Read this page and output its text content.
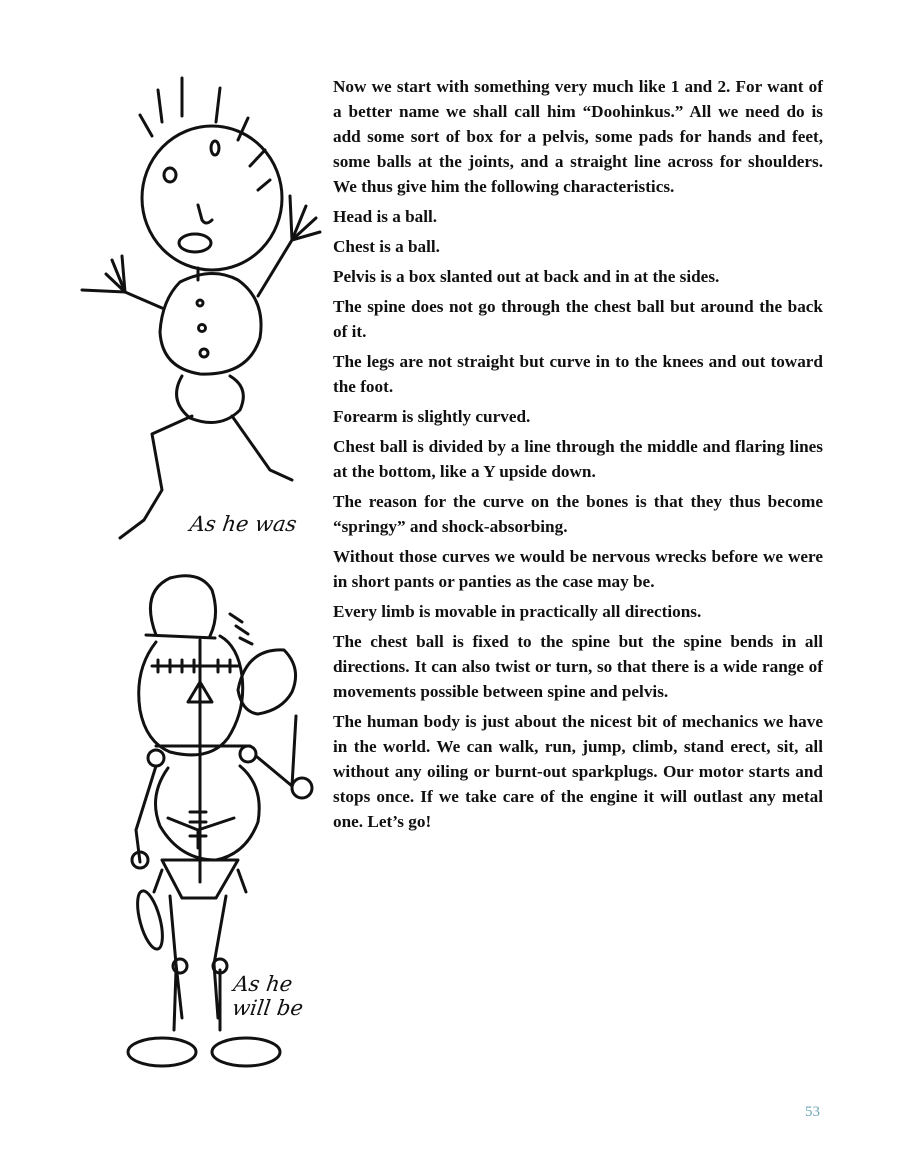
As he was
As he
will be

Now we start with something very much like 1 and 2. For want of a better name we shall call him “Doohinkus.” All we need do is add some sort of box for a pelvis, some pads for hands and feet, some balls at the joints, and a straight line across for shoulders. We thus give him the following characteristics.

Head is a ball.

Chest is a ball.

Pelvis is a box slanted out at back and in at the sides.

The spine does not go through the chest ball but around the back of it.

The legs are not straight but curve in to the knees and out toward the foot.

Forearm is slightly curved.

Chest ball is divided by a line through the middle and flaring lines at the bottom, like a Y upside down.

The reason for the curve on the bones is that they thus become “springy” and shock-absorbing.

Without those curves we would be nervous wrecks before we were in short pants or panties as the case may be.

Every limb is movable in practically all directions.

The chest ball is fixed to the spine but the spine bends in all directions. It can also twist or turn, so that there is a wide range of movements possible between spine and pelvis.

The human body is just about the nicest bit of mechanics we have in the world. We can walk, run, jump, climb, stand erect, sit, all without any oiling or burnt-out sparkplugs. Our motor starts and stops once. If we take care of the engine it will outlast any metal one. Let’s go!

53
